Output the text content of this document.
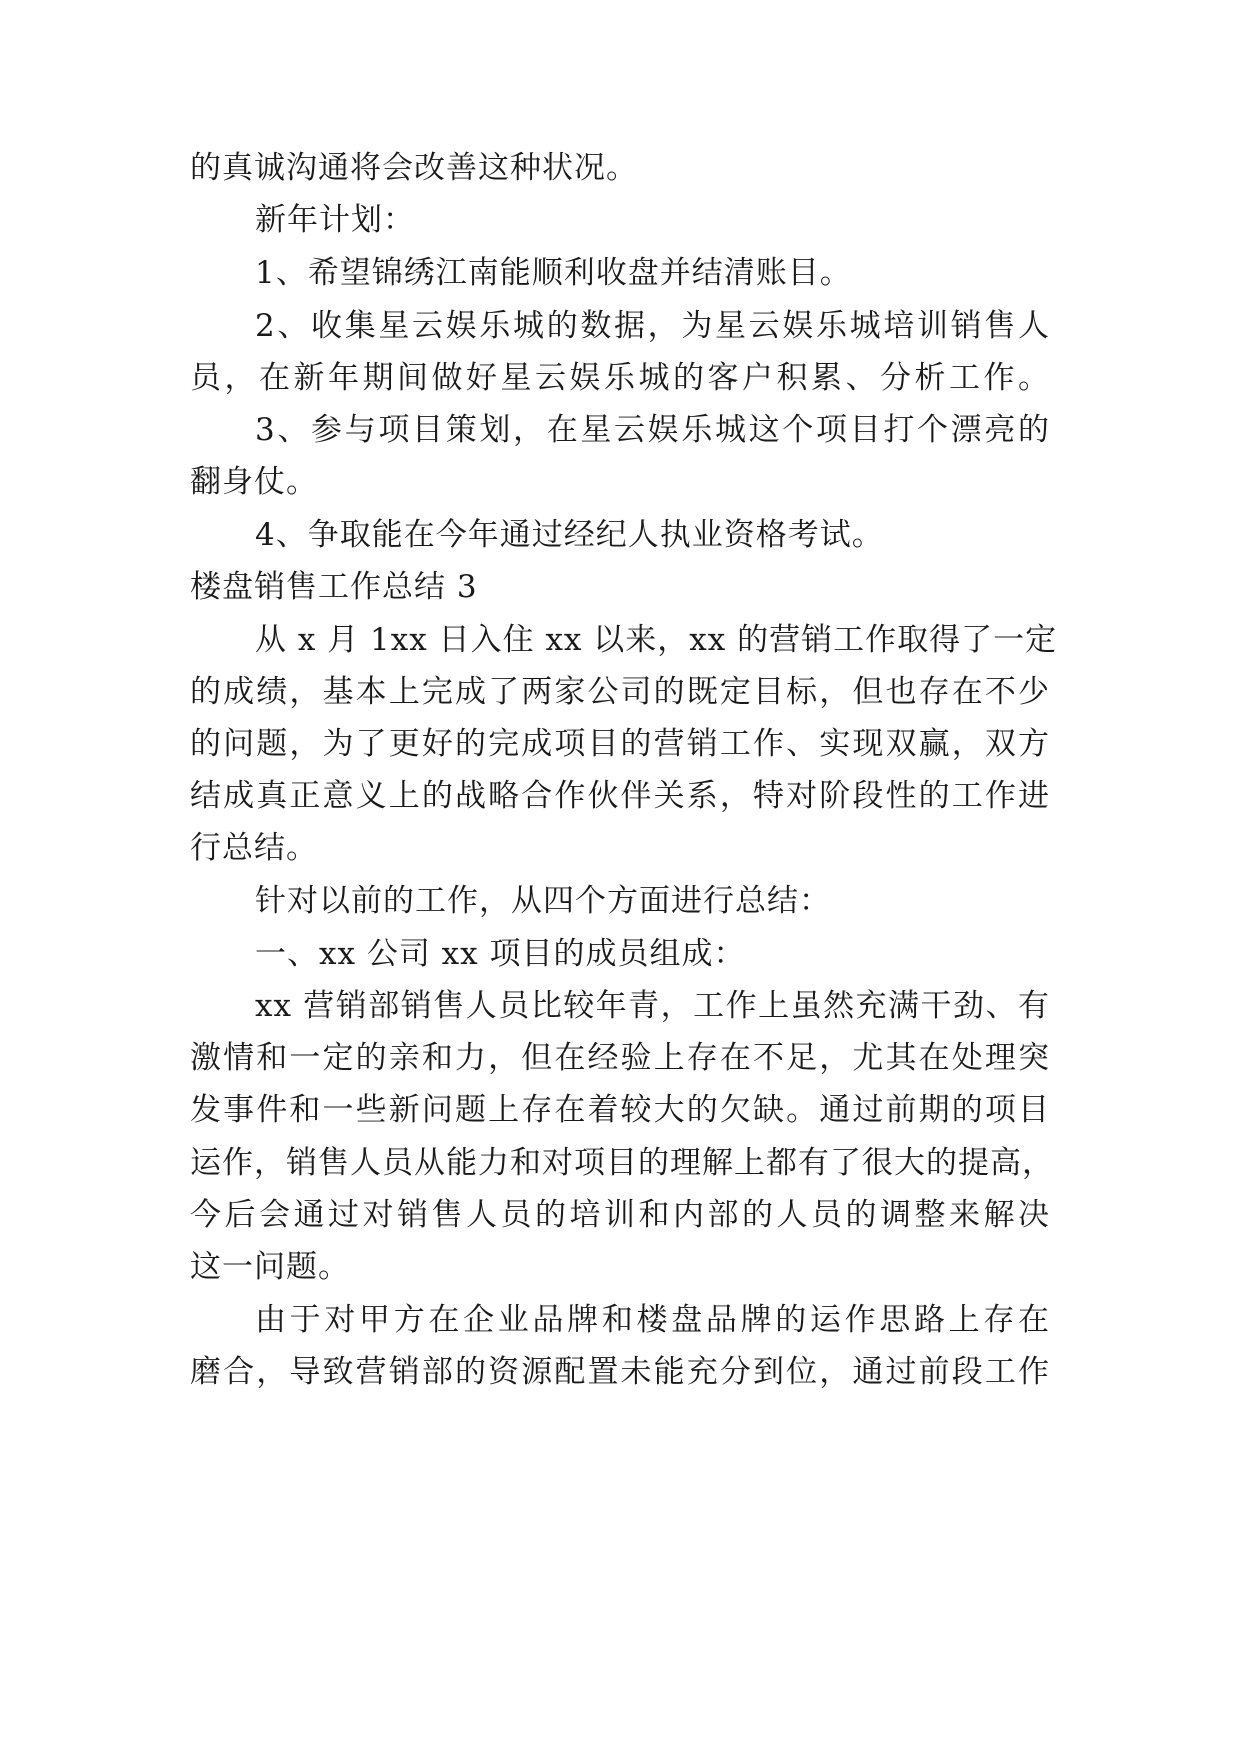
的真诚沟通将会改善这种状况。
新年计划：
1、希望锦绣江南能顺利收盘并结清账目。
2、收集星云娱乐城的数据，为星云娱乐城培训销售人
员，在新年期间做好星云娱乐城的客户积累、分析工作。
3、参与项目策划，在星云娱乐城这个项目打个漂亮的
翻身仗。
4、争取能在今年通过经纪人执业资格考试。
楼盘销售工作总结 3
从 x 月 1xx 日入住 xx 以来，xx 的营销工作取得了一定
的成绩，基本上完成了两家公司的既定目标，但也存在不少
的问题，为了更好的完成项目的营销工作、实现双赢，双方
结成真正意义上的战略合作伙伴关系，特对阶段性的工作进
行总结。
针对以前的工作，从四个方面进行总结：
一、xx 公司 xx 项目的成员组成：
xx 营销部销售人员比较年青，工作上虽然充满干劲、有
激情和一定的亲和力，但在经验上存在不足，尤其在处理突
发事件和一些新问题上存在着较大的欠缺。通过前期的项目
运作，销售人员从能力和对项目的理解上都有了很大的提高，
今后会通过对销售人员的培训和内部的人员的调整来解决
这一问题。
由于对甲方在企业品牌和楼盘品牌的运作思路上存在
磨合，导致营销部的资源配置未能充分到位，通过前段工作
